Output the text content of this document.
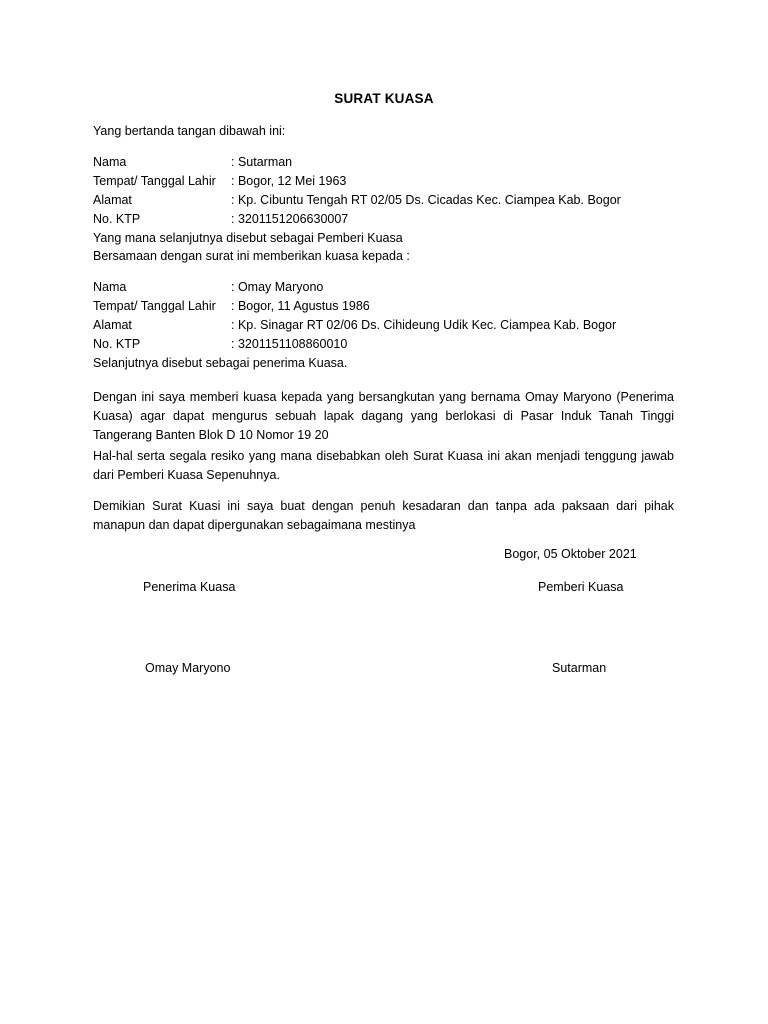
SURAT KUASA
Yang bertanda tangan dibawah ini:
Nama	: Sutarman
Tempat/ Tanggal Lahir : Bogor, 12 Mei 1963
Alamat	: Kp. Cibuntu Tengah RT 02/05 Ds. Cicadas Kec. Ciampea Kab. Bogor
No. KTP	: 3201151206630007
Yang mana selanjutnya disebut sebagai Pemberi Kuasa
Bersamaan dengan surat ini memberikan kuasa kepada :
Nama	: Omay Maryono
Tempat/ Tanggal Lahir : Bogor, 11 Agustus 1986
Alamat	: Kp. Sinagar RT 02/06 Ds. Cihideung Udik Kec. Ciampea Kab. Bogor
No. KTP	: 3201151108860010
Selanjutnya disebut sebagai penerima Kuasa.
Dengan ini saya memberi kuasa kepada yang bersangkutan yang bernama Omay Maryono (Penerima Kuasa) agar dapat mengurus sebuah lapak dagang yang berlokasi di Pasar Induk Tanah Tinggi Tangerang Banten Blok D 10 Nomor 19 20
Hal-hal serta segala resiko yang mana disebabkan oleh Surat Kuasa ini akan menjadi tenggung jawab dari Pemberi Kuasa Sepenuhnya.
Demikian Surat Kuasi ini saya buat dengan penuh kesadaran dan tanpa ada paksaan dari pihak manapun dan dapat dipergunakan sebagaimana mestinya
Bogor, 05 Oktober 2021
Penerima Kuasa	Pemberi Kuasa
Omay Maryono	Sutarman
